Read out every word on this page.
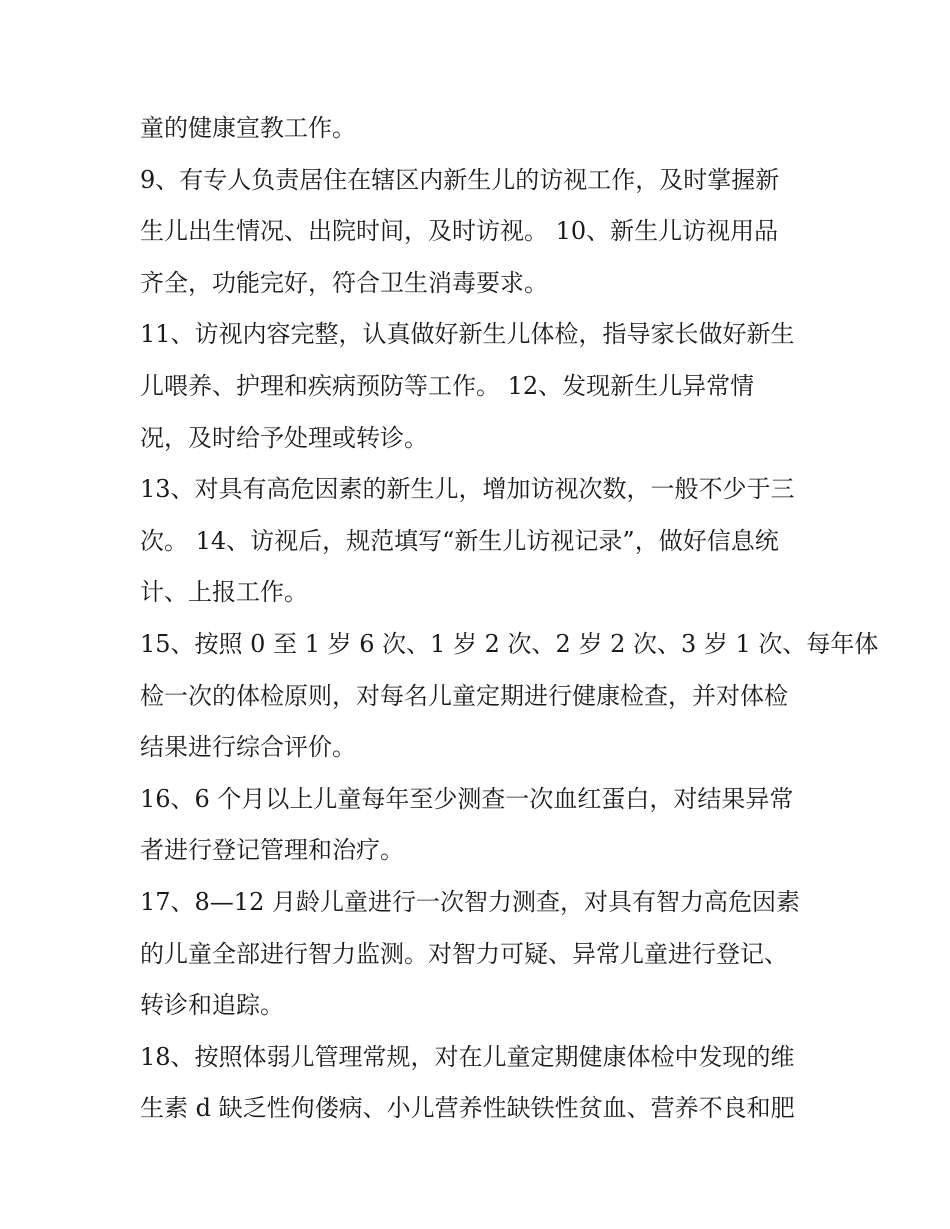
童的健康宣教工作。

9、有专人负责居住在辖区内新生儿的访视工作，及时掌握新

生儿出生情况、出院时间，及时访视。 10、新生儿访视用品

齐全，功能完好，符合卫生消毒要求。

11、访视内容完整，认真做好新生儿体检，指导家长做好新生

儿喂养、护理和疾病预防等工作。 12、发现新生儿异常情

况，及时给予处理或转诊。

13、对具有高危因素的新生儿，增加访视次数，一般不少于三

次。 14、访视后，规范填写“新生儿访视记录”，做好信息统

计、上报工作。

15、按照 0 至 1 岁 6 次、1 岁 2 次、2 岁 2 次、3 岁 1 次、每年体

检一次的体检原则，对每名儿童定期进行健康检查，并对体检

结果进行综合评价。

16、6 个月以上儿童每年至少测查一次血红蛋白，对结果异常

者进行登记管理和治疗。

17、8—12 月龄儿童进行一次智力测查，对具有智力高危因素

的儿童全部进行智力监测。对智力可疑、异常儿童进行登记、

转诊和追踪。

18、按照体弱儿管理常规，对在儿童定期健康体检中发现的维

生素 d 缺乏性佝偻病、小儿营养性缺铁性贫血、营养不良和肥
